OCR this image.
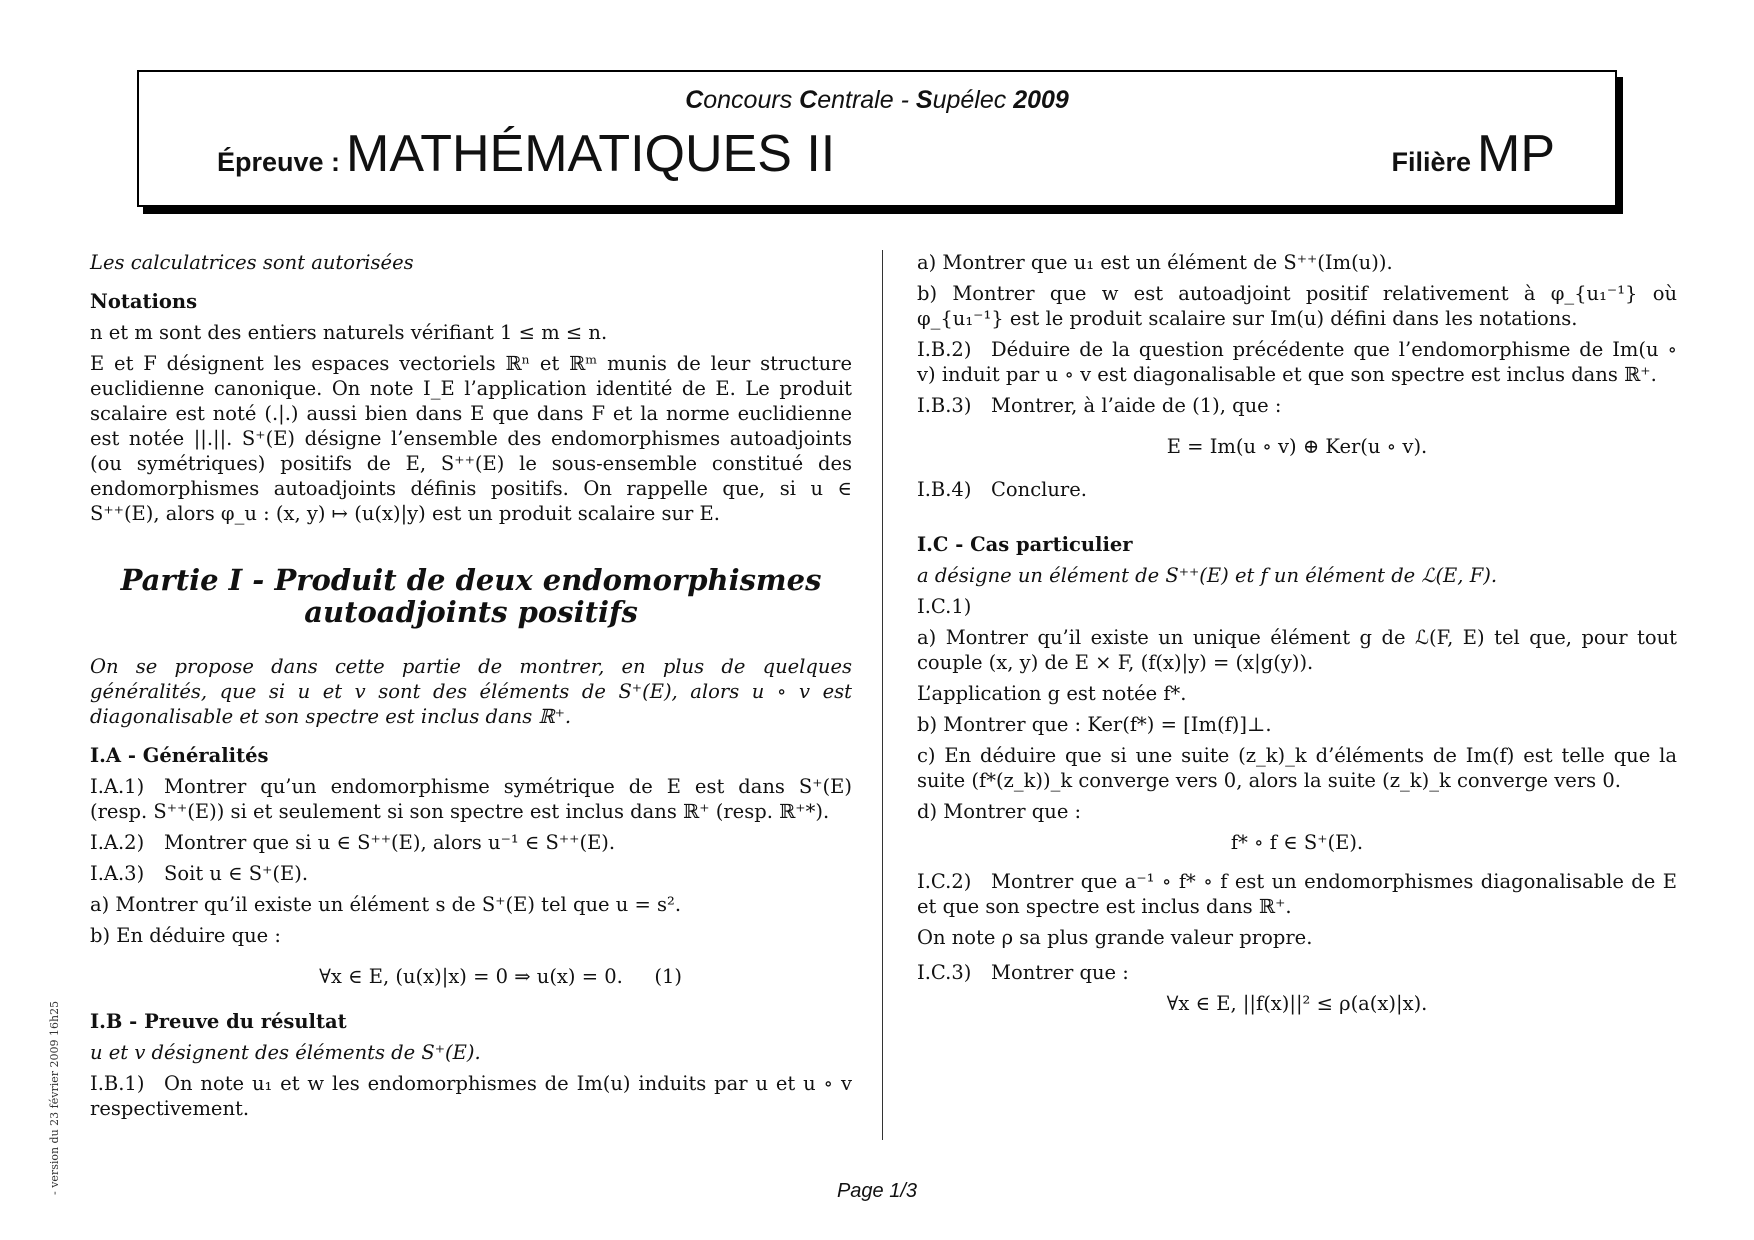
Concours Centrale - Supélec 2009
Épreuve : MATHÉMATIQUES II	Filière MP

Les calculatrices sont autorisées

Notations

n et m sont des entiers naturels vérifiant 1 ≤ m ≤ n.

E et F désignent les espaces vectoriels ℝⁿ et ℝᵐ munis de leur structure euclidienne canonique. On note I_E l’application identité de E. Le produit scalaire est noté (.|.) aussi bien dans E que dans F et la norme euclidienne est notée ||.||. S⁺(E) désigne l’ensemble des endomorphismes autoadjoints (ou symétriques) positifs de E, S⁺⁺(E) le sous-ensemble constitué des endomorphismes autoadjoints définis positifs. On rappelle que, si u ∈ S⁺⁺(E), alors φ_u : (x, y) ↦ (u(x)|y) est un produit scalaire sur E.

Partie I - Produit de deux endomorphismes
autoadjoints positifs

On se propose dans cette partie de montrer, en plus de quelques généralités, que si u et v sont des éléments de S⁺(E), alors u ∘ v est diagonalisable et son spectre est inclus dans ℝ⁺.

I.A - Généralités

I.A.1) Montrer qu’un endomorphisme symétrique de E est dans S⁺(E) (resp. S⁺⁺(E)) si et seulement si son spectre est inclus dans ℝ⁺ (resp. ℝ⁺*).

I.A.2) Montrer que si u ∈ S⁺⁺(E), alors u⁻¹ ∈ S⁺⁺(E).

I.A.3) Soit u ∈ S⁺(E).

a) Montrer qu’il existe un élément s de S⁺(E) tel que u = s².

b) En déduire que :

∀x ∈ E, (u(x)|x) = 0 ⇒ u(x) = 0. (1)
I.B - Preuve du résultat

u et v désignent des éléments de S⁺(E).

I.B.1) On note u₁ et w les endomorphismes de Im(u) induits par u et u ∘ v respectivement.

a) Montrer que u₁ est un élément de S⁺⁺(Im(u)).

b) Montrer que w est autoadjoint positif relativement à φ_{u₁⁻¹} où φ_{u₁⁻¹} est le produit scalaire sur Im(u) défini dans les notations.

I.B.2) Déduire de la question précédente que l’endomorphisme de Im(u ∘ v) induit par u ∘ v est diagonalisable et que son spectre est inclus dans ℝ⁺.

I.B.3) Montrer, à l’aide de (1), que :

E = Im(u ∘ v) ⊕ Ker(u ∘ v).

I.B.4) Conclure.

I.C - Cas particulier

a désigne un élément de S⁺⁺(E) et f un élément de ℒ(E, F).

I.C.1)

a) Montrer qu’il existe un unique élément g de ℒ(F, E) tel que, pour tout couple (x, y) de E × F, (f(x)|y) = (x|g(y)).

L’application g est notée f*.

b) Montrer que : Ker(f*) = [Im(f)]⊥.

c) En déduire que si une suite (z_k)_k d’éléments de Im(f) est telle que la suite (f*(z_k))_k converge vers 0, alors la suite (z_k)_k converge vers 0.

d) Montrer que :

f* ∘ f ∈ S⁺(E).

I.C.2) Montrer que a⁻¹ ∘ f* ∘ f est un endomorphismes diagonalisable de E et que son spectre est inclus dans ℝ⁺.

On note ρ sa plus grande valeur propre.

I.C.3) Montrer que :

∀x ∈ E, ||f(x)||² ≤ ρ(a(x)|x).
- version du 23 février 2009 16h25	Page 1/3
